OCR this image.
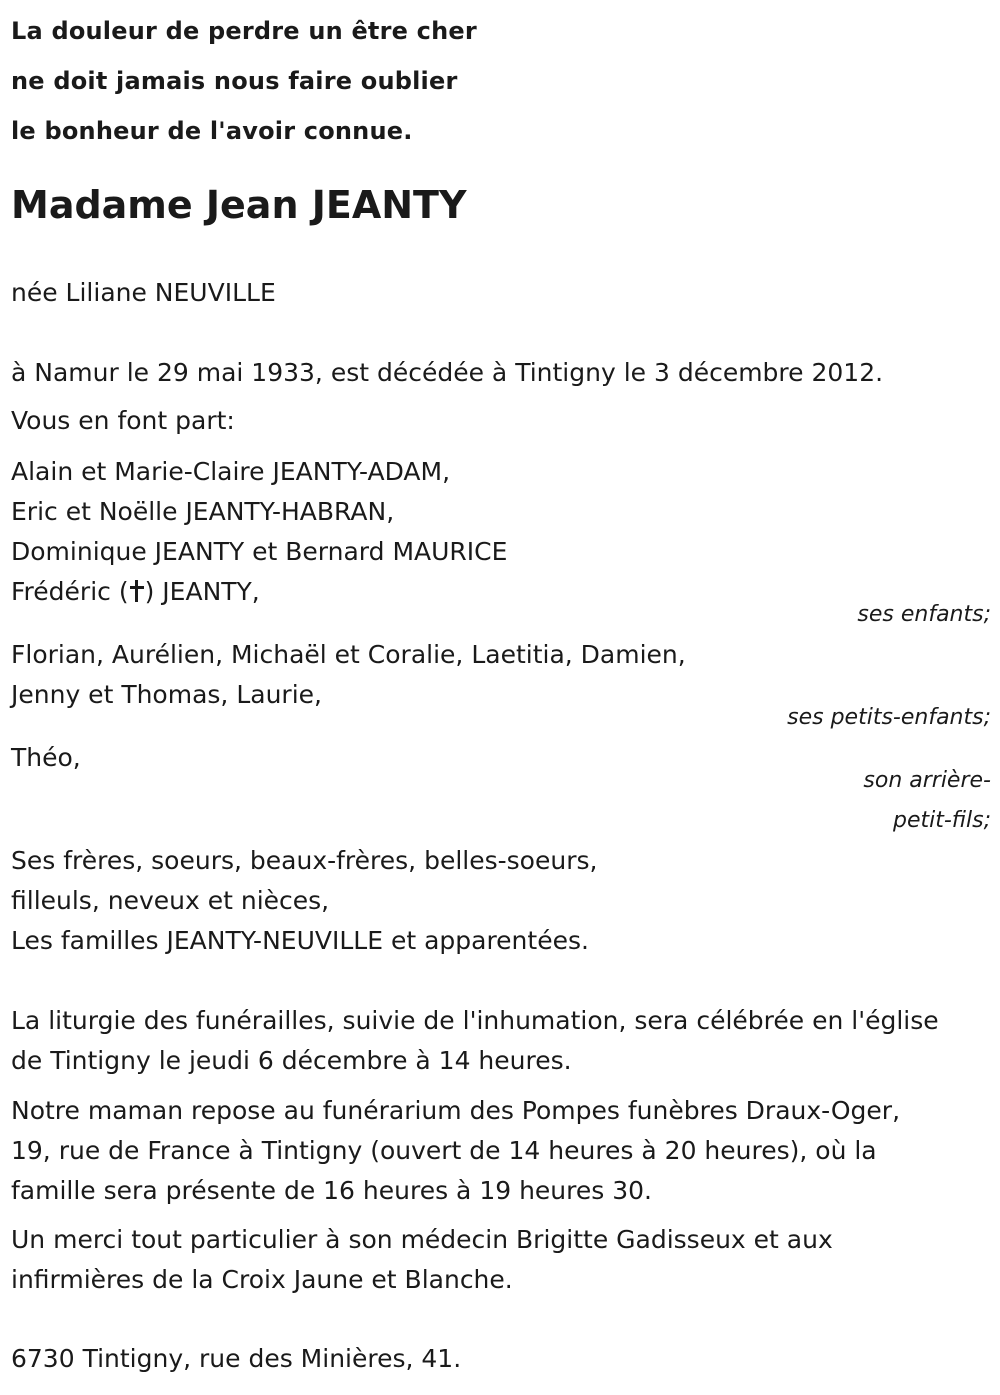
La douleur de perdre un être cher
ne doit jamais nous faire oublier
le bonheur de l'avoir connue.
Madame Jean JEANTY
née Liliane NEUVILLE
à Namur le 29 mai 1933, est décédée à Tintigny le 3 décembre 2012.
Vous en font part:
Alain et Marie-Claire JEANTY-ADAM,
Eric et Noëlle JEANTY-HABRAN,
Dominique JEANTY et Bernard MAURICE
Frédéric ( ) JEANTY,
ses enfants;
Florian, Aurélien, Michaël et Coralie, Laetitia, Damien,
Jenny et Thomas, Laurie,
ses petits-enfants;
Théo,
son arrière-
petit-fils;
Ses frères, soeurs, beaux-frères, belles-soeurs,
filleuls, neveux et nièces,
Les familles JEANTY-NEUVILLE et apparentées.
La liturgie des funérailles, suivie de l'inhumation, sera célébrée en l'église
de Tintigny le jeudi 6 décembre à 14 heures.
Notre maman repose au funérarium des Pompes funèbres Draux-Oger,
19, rue de France à Tintigny (ouvert de 14 heures à 20 heures), où la
famille sera présente de 16 heures à 19 heures 30.
Un merci tout particulier à son médecin Brigitte Gadisseux et aux
infirmières de la Croix Jaune et Blanche.
6730 Tintigny, rue des Minières, 41.
